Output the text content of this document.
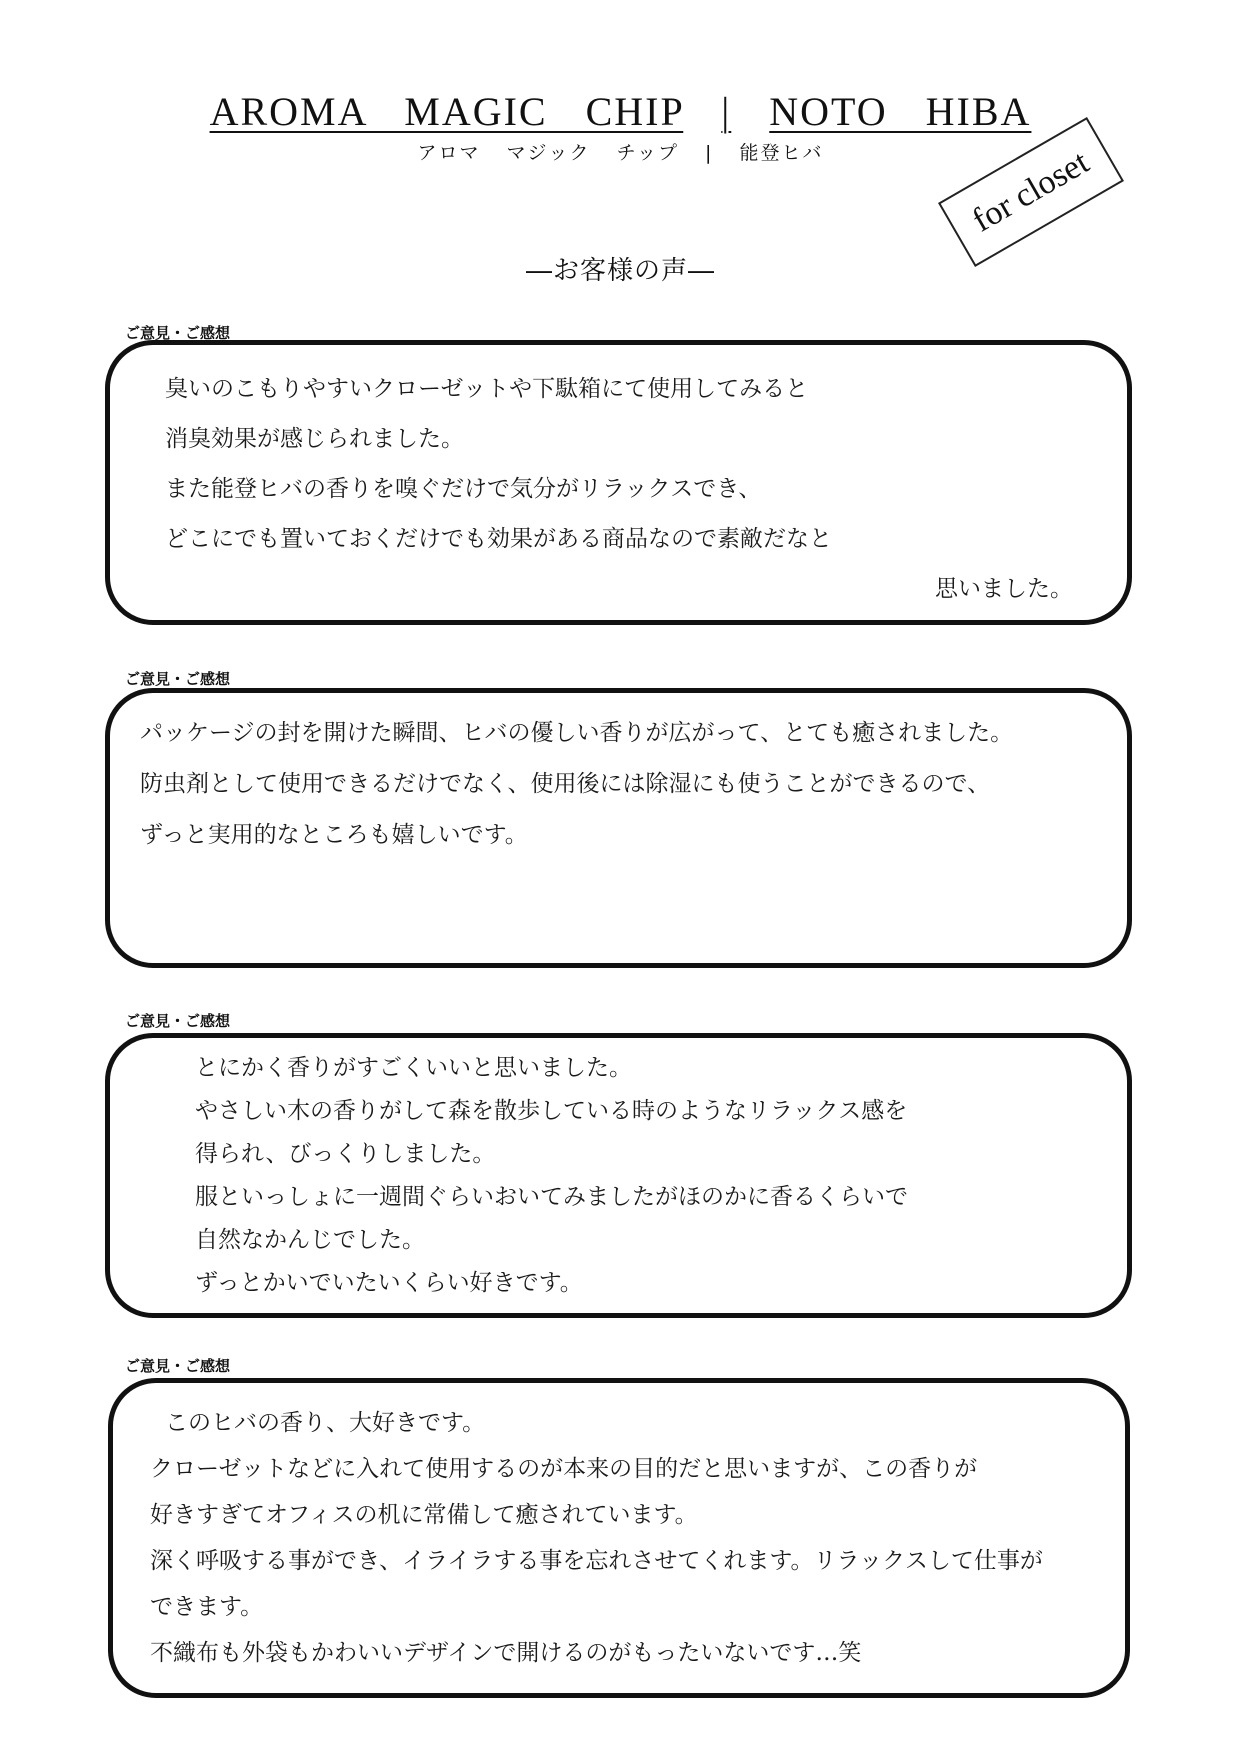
AROMA MAGIC CHIP | NOTO HIBA
アロマ マジック チップ | 能登ヒバ	for closet
―お客様の声―
ご意見・ご感想
臭いのこもりやすいクローゼットや下駄箱にて使用してみると
消臭効果が感じられました。
また能登ヒバの香りを嗅ぐだけで気分がリラックスでき、
どこにでも置いておくだけでも効果がある商品なので素敵だなと
思いました。
ご意見・ご感想
パッケージの封を開けた瞬間、ヒバの優しい香りが広がって、とても癒されました。
防虫剤として使用できるだけでなく、使用後には除湿にも使うことができるので、
ずっと実用的なところも嬉しいです。
ご意見・ご感想
とにかく香りがすごくいいと思いました。
やさしい木の香りがして森を散歩している時のようなリラックス感を
得られ、びっくりしました。
服といっしょに一週間ぐらいおいてみましたがほのかに香るくらいで
自然なかんじでした。
ずっとかいでいたいくらい好きです。
ご意見・ご感想
このヒバの香り、大好きです。
クローゼットなどに入れて使用するのが本来の目的だと思いますが、この香りが
好きすぎてオフィスの机に常備して癒されています。
深く呼吸する事ができ、イライラする事を忘れさせてくれます。リラックスして仕事が
できます。
不織布も外袋もかわいいデザインで開けるのがもったいないです…笑
